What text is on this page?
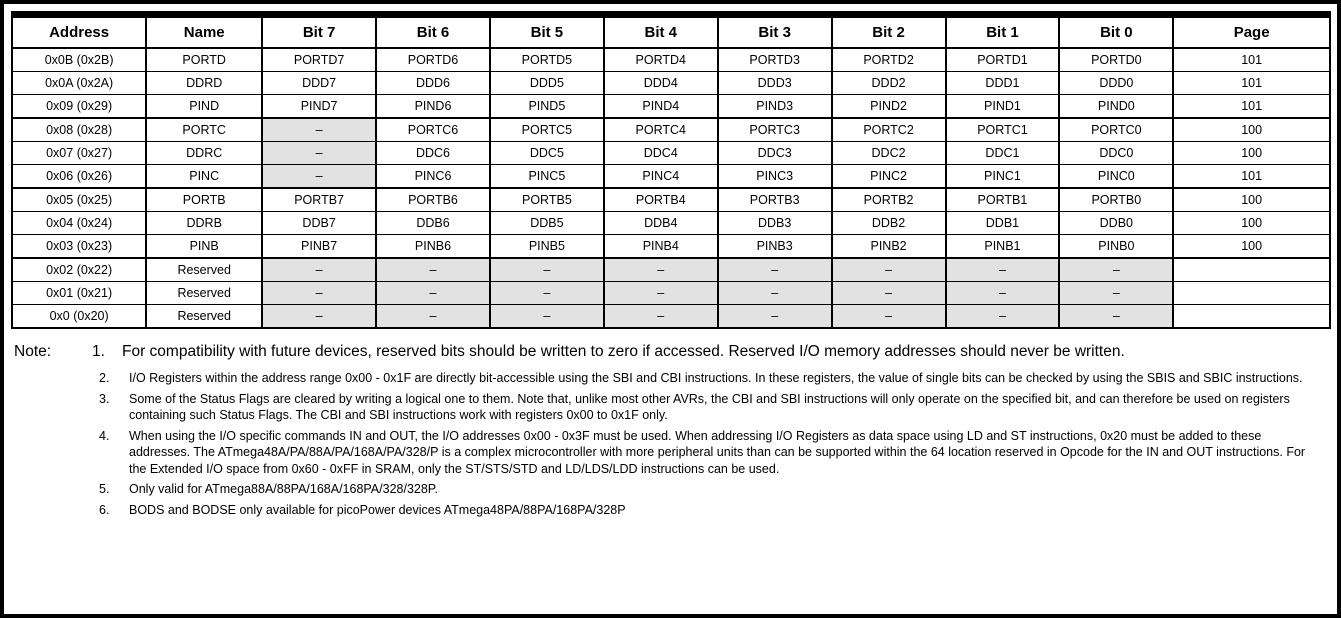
Address	Name	Bit 7	Bit 6	Bit 5	Bit 4	Bit 3	Bit 2	Bit 1	Bit 0	Page
0x0B (0x2B)	PORTD	PORTD7	PORTD6	PORTD5	PORTD4	PORTD3	PORTD2	PORTD1	PORTD0	101
0x0A (0x2A)	DDRD	DDD7	DDD6	DDD5	DDD4	DDD3	DDD2	DDD1	DDD0	101
0x09 (0x29)	PIND	PIND7	PIND6	PIND5	PIND4	PIND3	PIND2	PIND1	PIND0	101
0x08 (0x28)	PORTC	–	PORTC6	PORTC5	PORTC4	PORTC3	PORTC2	PORTC1	PORTC0	100
0x07 (0x27)	DDRC	–	DDC6	DDC5	DDC4	DDC3	DDC2	DDC1	DDC0	100
0x06 (0x26)	PINC	–	PINC6	PINC5	PINC4	PINC3	PINC2	PINC1	PINC0	101
0x05 (0x25)	PORTB	PORTB7	PORTB6	PORTB5	PORTB4	PORTB3	PORTB2	PORTB1	PORTB0	100
0x04 (0x24)	DDRB	DDB7	DDB6	DDB5	DDB4	DDB3	DDB2	DDB1	DDB0	100
0x03 (0x23)	PINB	PINB7	PINB6	PINB5	PINB4	PINB3	PINB2	PINB1	PINB0	100
0x02 (0x22)	Reserved	–	–	–	–	–	–	–	–	
0x01 (0x21)	Reserved	–	–	–	–	–	–	–	–	
0x0 (0x20)	Reserved	–	–	–	–	–	–	–	–	
Note:	1.	For compatibility with future devices, reserved bits should be written to zero if accessed. Reserved I/O memory addresses should never be written.
2.	I/O Registers within the address range 0x00 - 0x1F are directly bit-accessible using the SBI and CBI instructions. In these registers, the value of single bits can be checked by using the SBIS and SBIC instructions.
3.	Some of the Status Flags are cleared by writing a logical one to them. Note that, unlike most other AVRs, the CBI and SBI instructions will only operate on the specified bit, and can therefore be used on registers containing such Status Flags. The CBI and SBI instructions work with registers 0x00 to 0x1F only.
4.	When using the I/O specific commands IN and OUT, the I/O addresses 0x00 - 0x3F must be used. When addressing I/O Registers as data space using LD and ST instructions, 0x20 must be added to these addresses. The ATmega48A/PA/88A/PA/168A/PA/328/P is a complex microcontroller with more peripheral units than can be supported within the 64 location reserved in Opcode for the IN and OUT instructions. For the Extended I/O space from 0x60 - 0xFF in SRAM, only the ST/STS/STD and LD/LDS/LDD instructions can be used.
5.	Only valid for ATmega88A/88PA/168A/168PA/328/328P.
6.	BODS and BODSE only available for picoPower devices ATmega48PA/88PA/168PA/328P
